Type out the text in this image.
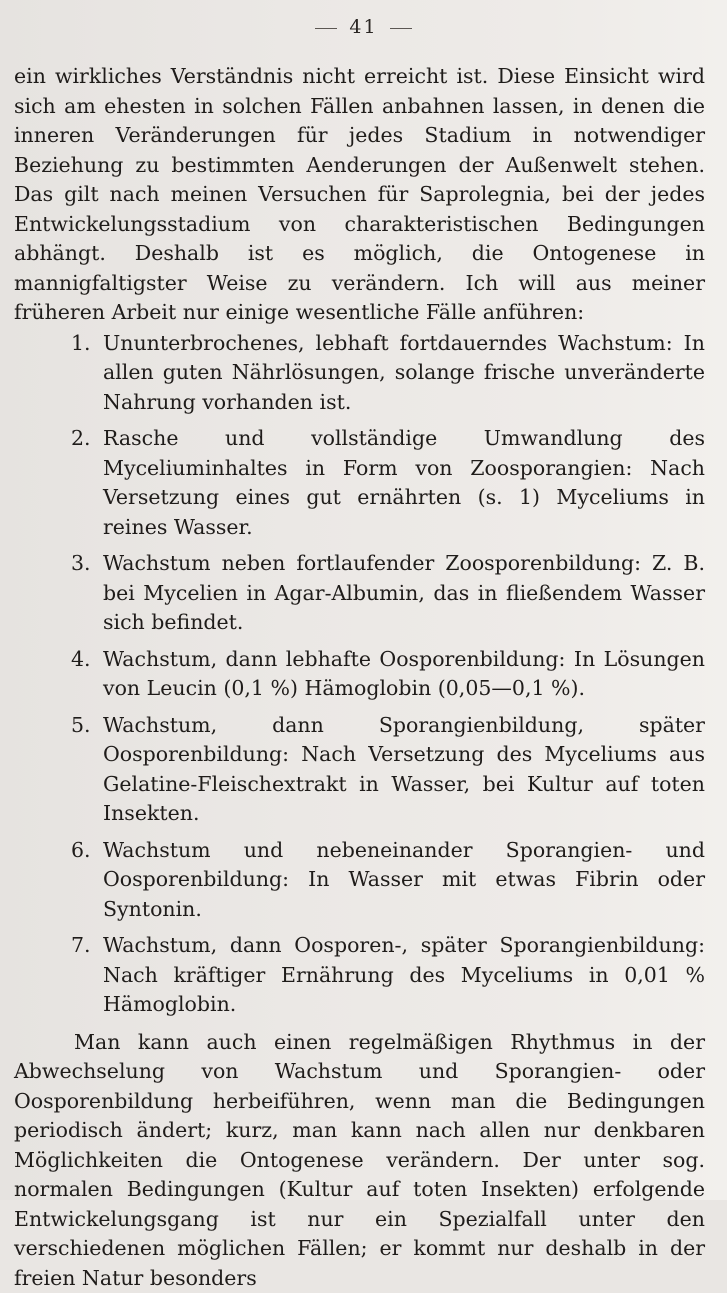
41

ein wirkliches Verständnis nicht erreicht ist. Diese Einsicht wird sich am ehesten in solchen Fällen anbahnen lassen, in denen die inneren Veränderungen für jedes Stadium in notwendiger Beziehung zu bestimmten Aenderungen der Außenwelt stehen. Das gilt nach meinen Versuchen für Saprolegnia, bei der jedes Entwickelungsstadium von charakteristischen Bedingungen abhängt. Deshalb ist es möglich, die Ontogenese in mannigfaltigster Weise zu verändern. Ich will aus meiner früheren Arbeit nur einige wesentliche Fälle anführen:

1. Ununterbrochenes, lebhaft fortdauerndes Wachstum: In allen guten Nährlösungen, solange frische unveränderte Nahrung vorhanden ist.
2. Rasche und vollständige Umwandlung des Myceliuminhaltes in Form von Zoosporangien: Nach Versetzung eines gut ernährten (s. 1) Myceliums in reines Wasser.
3. Wachstum neben fortlaufender Zoosporenbildung: Z. B. bei Mycelien in Agar-Albumin, das in fließendem Wasser sich befindet.
4. Wachstum, dann lebhafte Oosporenbildung: In Lösungen von Leucin (0,1 %) Hämoglobin (0,05—0,1 %).
5. Wachstum, dann Sporangienbildung, später Oosporenbildung: Nach Versetzung des Myceliums aus Gelatine-Fleischextrakt in Wasser, bei Kultur auf toten Insekten.
6. Wachstum und nebeneinander Sporangien- und Oosporenbildung: In Wasser mit etwas Fibrin oder Syntonin.
7. Wachstum, dann Oosporen-, später Sporangienbildung: Nach kräftiger Ernährung des Myceliums in 0,01 % Hämoglobin.

Man kann auch einen regelmäßigen Rhythmus in der Abwechselung von Wachstum und Sporangien- oder Oosporenbildung herbeiführen, wenn man die Bedingungen periodisch ändert; kurz, man kann nach allen nur denkbaren Möglichkeiten die Ontogenese verändern. Der unter sog. normalen Bedingungen (Kultur auf toten Insekten) erfolgende Entwickelungsgang ist nur ein Spezialfall unter den verschiedenen möglichen Fällen; er kommt nur deshalb in der freien Natur besonders
